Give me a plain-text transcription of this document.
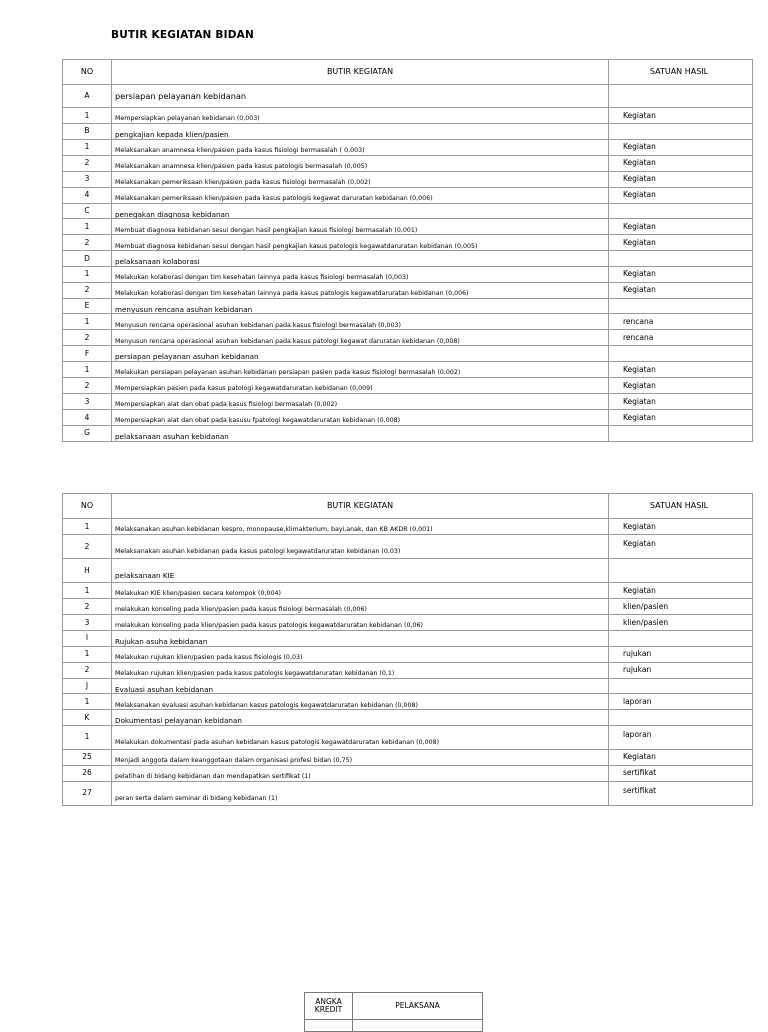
BUTIR KEGIATAN BIDAN
NO	BUTIR KEGIATAN	SATUAN HASIL
A	persiapan pelayanan kebidanan	
1	Mempersiapkan pelayanan kebidanan (0,003)	Kegiatan
B	pengkajian kepada klien/pasien	
1	Melaksanakan anamnesa klien/pasien pada kasus fisiologi bermasalah ( 0,003)	Kegiatan
2	Melaksanakan anamnesa klien/pasien pada kasus patologis bermasalah (0,005)	Kegiatan
3	Melaksanakan pemeriksaan klien/pasien pada kasus fisiologi bermasalah (0,002)	Kegiatan
4	Melaksanakan pemeriksaan klien/pasien pada kasus patologis kegawat daruratan kebidanan (0,006)	Kegiatan
C	penegakan diagnosa kebidanan	
1	Membuat diagnosa kebidanan sesui dengan hasil pengkajian kasus fisiologi bermasalah (0,001)	Kegiatan
2	Membuat diagnosa kebidanan sesui dengan hasil pengkajian kasus patologis kegawatdaruratan kebidanan (0,005)	Kegiatan
D	pelaksanaan kolaborasi	
1	Melakukan kolaborasi dengan tim kesehatan lainnya pada kasus fisiologi bermasalah (0,003)	Kegiatan
2	Melakukan kolaborasi dengan tim kesehatan lainnya pada kasus patologis kegawatdaruratan kebidanan (0,006)	Kegiatan
E	menyusun rencana asuhan kebidanan	
1	Menyusun rencana operasional asuhan kebidanan pada kasus fisiologi bermasalah (0,003)	rencana
2	Menyusun rencana operasional asuhan kebidanan pada kasus patologi kegawat daruratan kebidanan (0,008)	rencana
F	persiapan pelayanan asuhan kebidanan	
1	Melakukan persiapan pelayanan asuhan kebidanan persiapan pasien pada kasus fisiologi bermasalah (0,002)	Kegiatan
2	Mempersiapkan pasien pada kasus patologi kegawatdaruratan kebidanan (0,009)	Kegiatan
3	Mempersiapkan alat dan obat pada kasus fisiologi bermasalah (0,002)	Kegiatan
4	Mempersiapkan alat dan obat pada kasusu fpatologi kegawatdaruratan kebidanan (0,008)	Kegiatan
G	pelaksanaan asuhan kebidanan	
NO	BUTIR KEGIATAN	SATUAN HASIL
1	Melaksanakan asuhan kebidanan kespro, monopause,klimakterium, bayi,anak, dan KB AKDR (0,001)	Kegiatan
2	Melaksanakan asuhan kebidanan pada kasus patologi kegawatdaruratan kebidanan (0,03)	Kegiatan
H	pelaksanaan KIE	
1	Melakukan KIE klien/pasien secara kelompok (0,004)	Kegiatan
2	melakukan konseling pada klien/pasien pada kasus fisiologi bermasalah (0,006)	klien/pasien
3	melakukan konseling pada klien/pasien pada kasus patologis kegawatdaruratan kebidanan (0,06)	klien/pasien
I	Rujukan asuha kebidanan	
1	Melakukan rujukan klien/pasien pada kasus fisiologis (0,03)	rujukan
2	Melakukan rujukan klien/pasien pada kasus patologis kegawatdaruratan kebidanan (0,1)	rujukan
J	Evaluasi asuhan kebidanan	
1	Melaksanakan evaluasi asuhan kebidanan kasus patologis kegawatdaruratan kebidanan (0,008)	laporan
K	Dokumentasi pelayanan kebidanan	
1	Melakukan dokumentasi pada asuhan kebidanan kasus patologis kegawatdaruratan kebidanan (0,008)	laporan
25	Menjadi anggota dalam keanggotaan dalam organisasi profesi bidan (0,75)	Kegiatan
26	pelatihan di bidang kebidanan dan mendapatkan sertifikat (1)	sertifikat
27	peran serta dalam seminar di bidang kebidanan (1)	sertifikat
ANGKA KREDIT	PELAKSANA
